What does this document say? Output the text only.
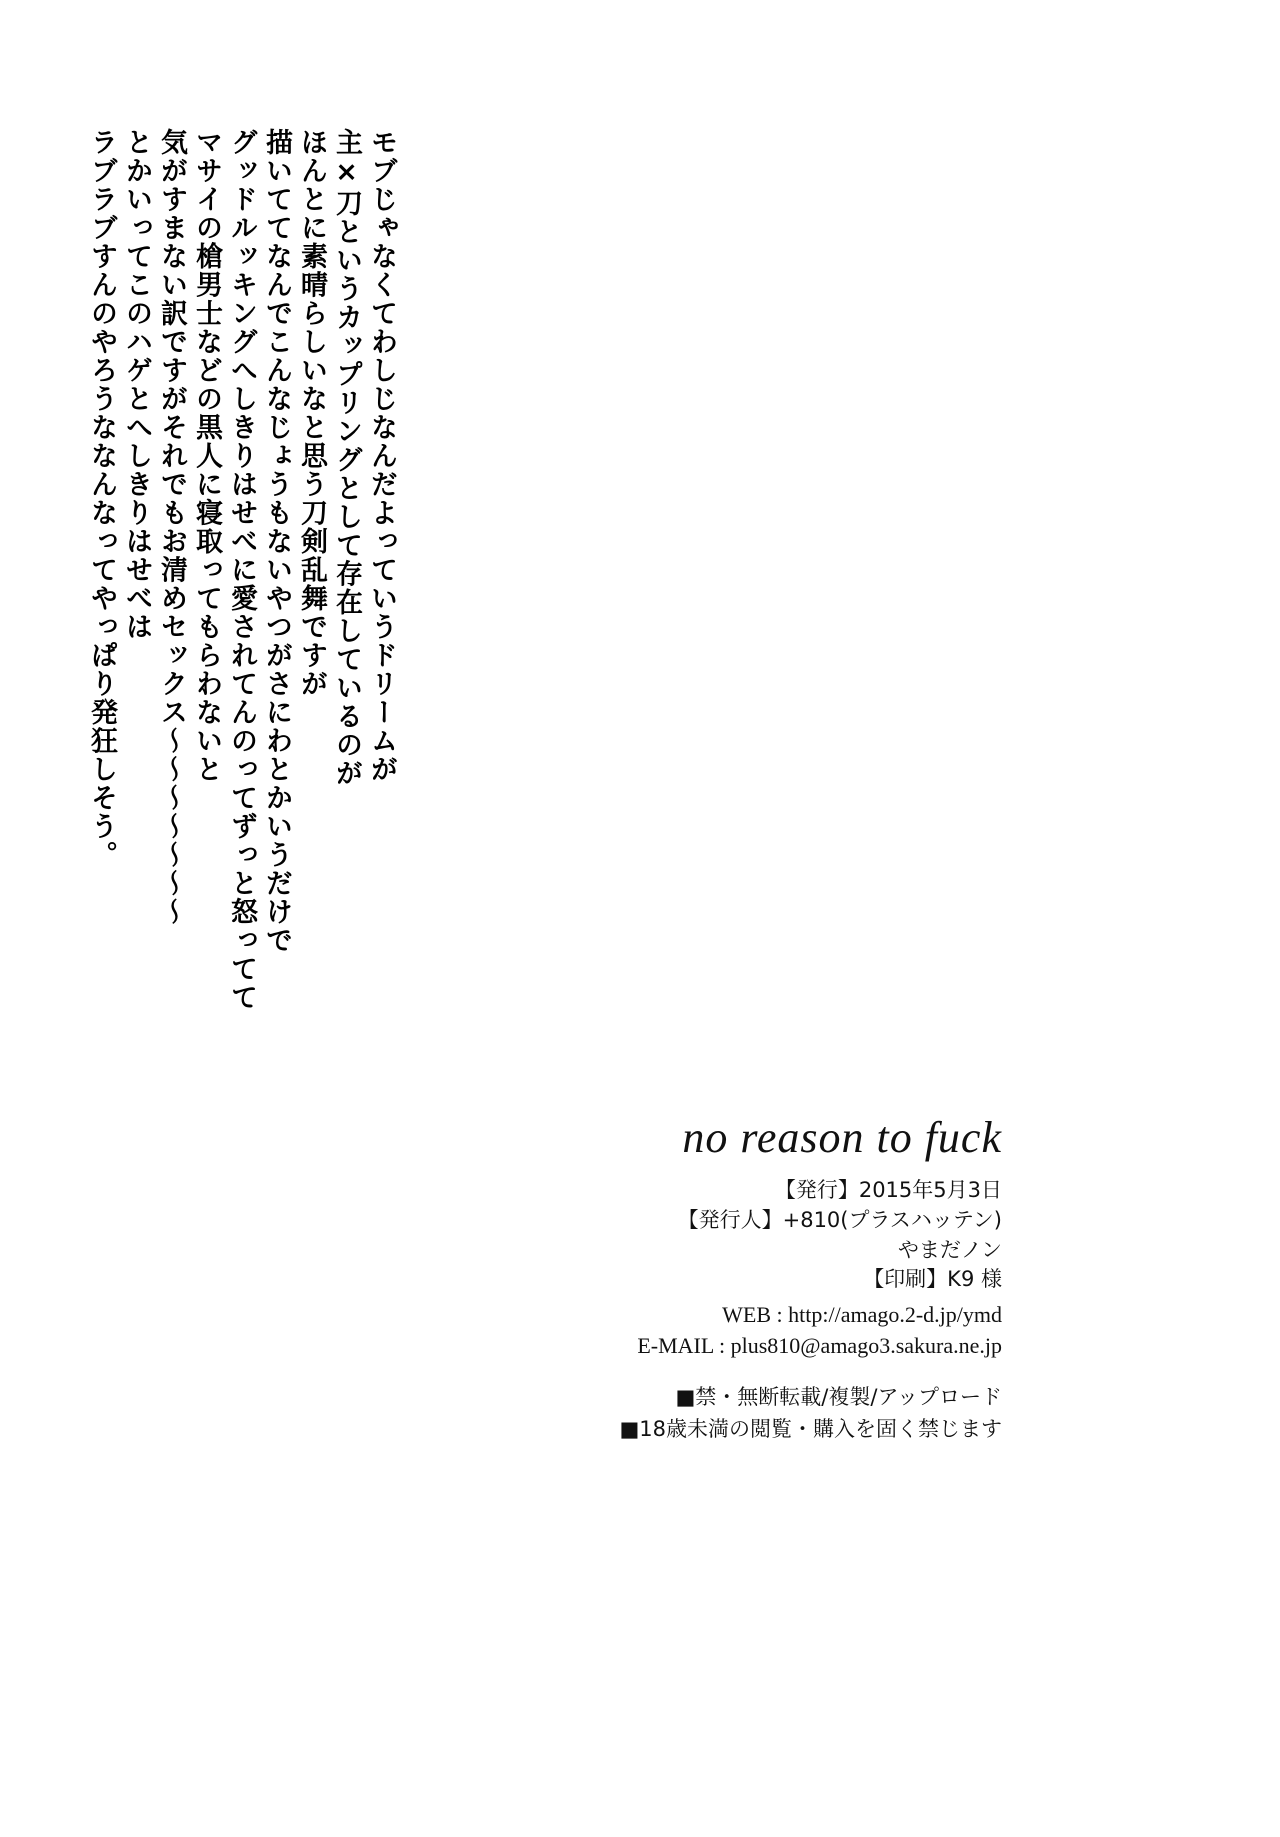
モブじゃなくてわしじなんだよっていうドリームが
主×刀というカップリングとして存在しているのが
ほんとに素晴らしいなと思う刀剣乱舞ですが
描いててなんでこんなじょうもないやつがさにわとかいうだけで
グッドルッキングへしきりはせべに愛されてんのってずっと怒ってて
マサイの槍男士などの黒人に寝取ってもらわないと
気がすまない訳ですがそれでもお清めセックス〜〜〜〜〜〜〜
とかいってこのハゲとへしきりはせべは
ラブラブすんのやろうななんなってやっぱり発狂しそう。
no reason to fuck
【発行】2015年5月3日
【発行人】+810(プラスハッテン)
やまだノン
【印刷】K9 様
WEB : http://amago.2-d.jp/ymd
E-MAIL : plus810@amago3.sakura.ne.jp
■禁・無断転載/複製/アップロード
■18歳未満の閲覧・購入を固く禁じます
